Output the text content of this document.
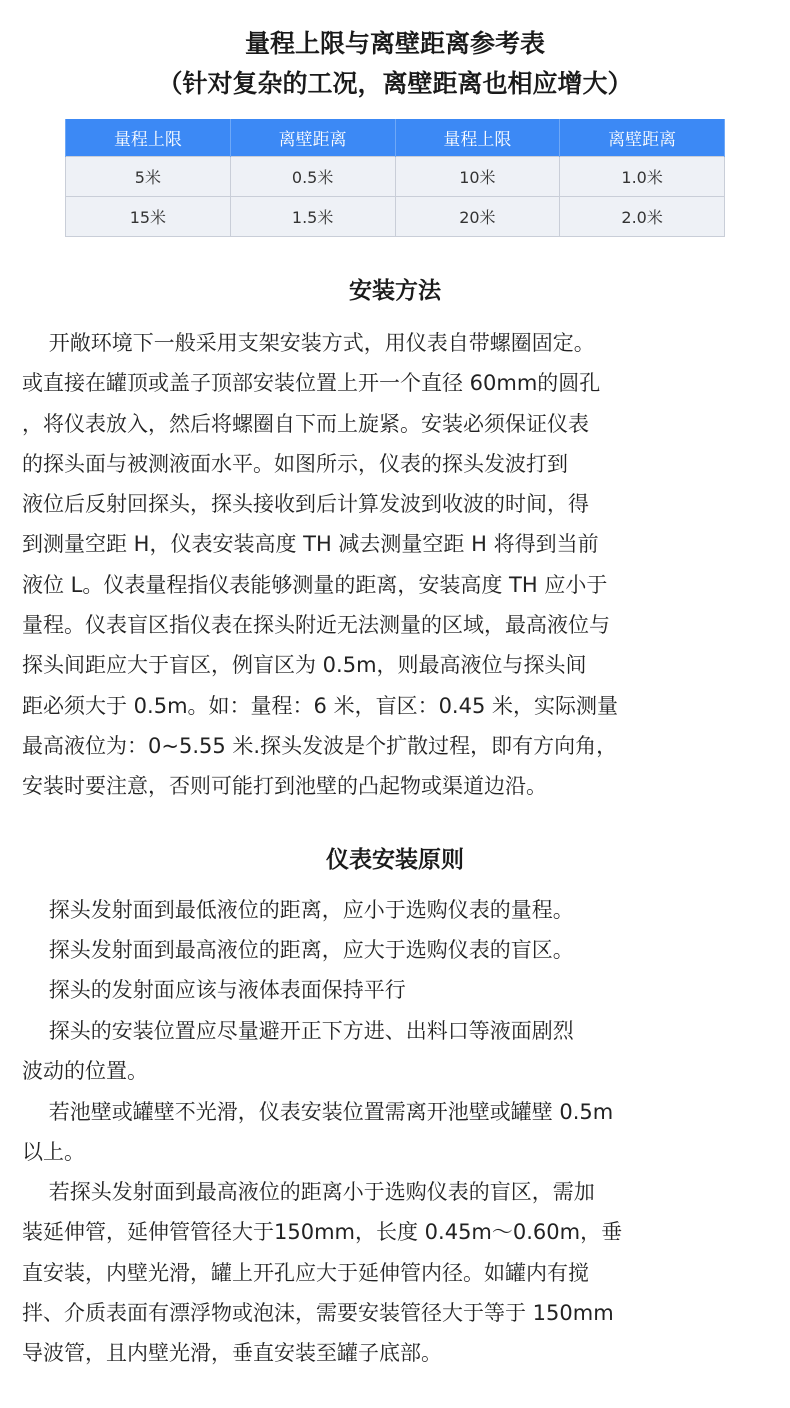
量程上限与离壁距离参考表
（针对复杂的工况，离壁距离也相应增大）
量程上限	离壁距离	量程上限	离壁距离
5米	0.5米	10米	1.0米
15米	1.5米	20米	2.0米
安装方法
开敞环境下一般采用支架安装方式，用仪表自带螺圈固定。
或直接在罐顶或盖子顶部安装位置上开一个直径 60mm的圆孔
，将仪表放入，然后将螺圈自下而上旋紧。安装必须保证仪表
的探头面与被测液面水平。如图所示，仪表的探头发波打到
液位后反射回探头，探头接收到后计算发波到收波的时间，得
到测量空距 H，仪表安装高度 TH 减去测量空距 H 将得到当前
液位 L。仪表量程指仪表能够测量的距离，安装高度 TH 应小于
量程。仪表盲区指仪表在探头附近无法测量的区域，最高液位与
探头间距应大于盲区，例盲区为 0.5m，则最高液位与探头间
距必须大于 0.5m。如：量程：6 米，盲区：0.45 米，实际测量
最高液位为：0~5.55 米.探头发波是个扩散过程，即有方向角，
安装时要注意，否则可能打到池壁的凸起物或渠道边沿。
仪表安装原则
探头发射面到最低液位的距离，应小于选购仪表的量程。
探头发射面到最高液位的距离，应大于选购仪表的盲区。
探头的发射面应该与液体表面保持平行
探头的安装位置应尽量避开正下方进、出料口等液面剧烈
波动的位置。
若池壁或罐壁不光滑，仪表安装位置需离开池壁或罐壁 0.5m
以上。
若探头发射面到最高液位的距离小于选购仪表的盲区，需加
装延伸管，延伸管管径大于150mm，长度 0.45m～0.60m，垂
直安装，内壁光滑，罐上开孔应大于延伸管内径。如罐内有搅
拌、介质表面有漂浮物或泡沫，需要安装管径大于等于 150mm
导波管，且内壁光滑，垂直安装至罐子底部。
